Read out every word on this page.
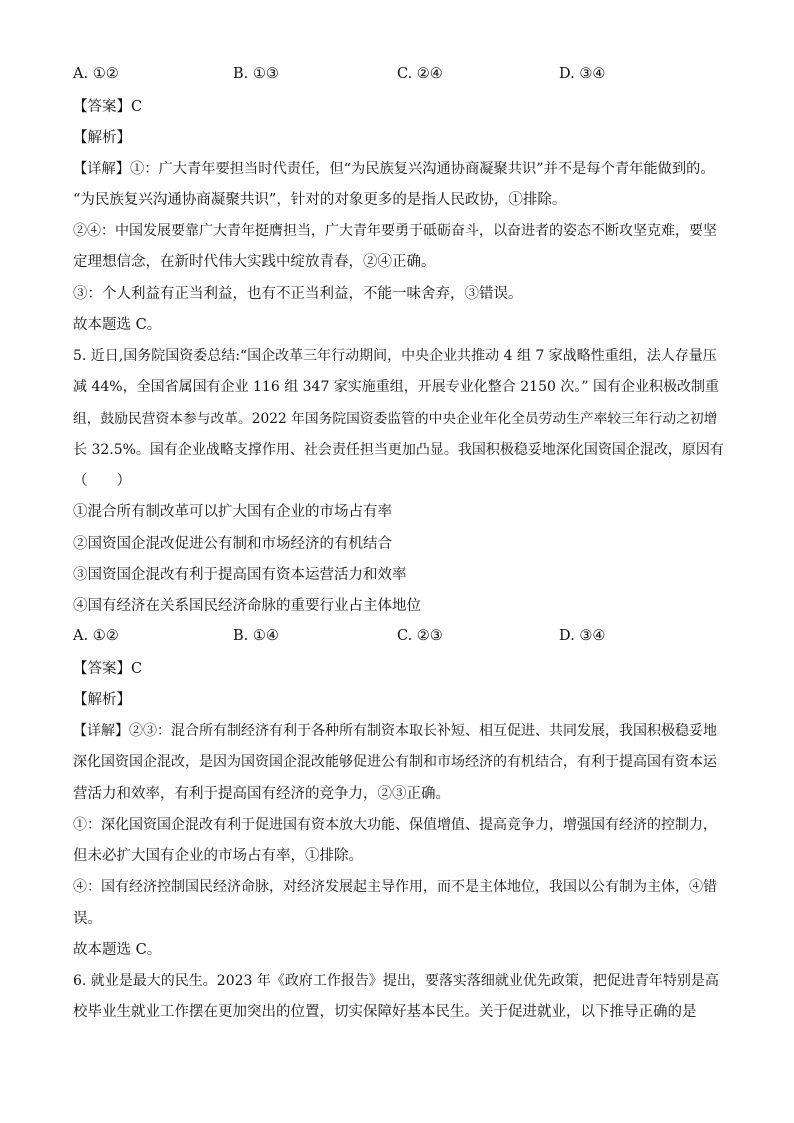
A. ①②	B. ①③	C. ②④	D. ③④
【答案】C
【解析】
【详解】①：广大青年要担当时代责任，但“为民族复兴沟通协商凝聚共识”并不是每个青年能做到的。
“为民族复兴沟通协商凝聚共识”，针对的对象更多的是指人民政协，①排除。
②④：中国发展要靠广大青年挺膺担当，广大青年要勇于砥砺奋斗，以奋进者的姿态不断攻坚克难，要坚
定理想信念，在新时代伟大实践中绽放青春，②④正确。
③：个人利益有正当利益，也有不正当利益，不能一味舍弃，③错误。
故本题选 C。
5. 近日,国务院国资委总结:“国企改革三年行动期间，中央企业共推动 4 组 7 家战略性重组，法人存量压
减 44%，全国省属国有企业 116 组 347 家实施重组，开展专业化整合 2150 次。” 国有企业积极改制重
组，鼓励民营资本参与改革。2022 年国务院国资委监管的中央企业年化全员劳动生产率较三年行动之初增
长 32.5%。国有企业战略支撑作用、社会责任担当更加凸显。我国积极稳妥地深化国资国企混改，原因有
（　　）
①混合所有制改革可以扩大国有企业的市场占有率
②国资国企混改促进公有制和市场经济的有机结合
③国资国企混改有利于提高国有资本运营活力和效率
④国有经济在关系国民经济命脉的重要行业占主体地位
A. ①②	B. ①④	C. ②③	D. ③④
【答案】C
【解析】
【详解】②③：混合所有制经济有利于各种所有制资本取长补短、相互促进、共同发展，我国积极稳妥地
深化国资国企混改，是因为国资国企混改能够促进公有制和市场经济的有机结合，有利于提高国有资本运
营活力和效率，有利于提高国有经济的竞争力，②③正确。
①：深化国资国企混改有利于促进国有资本放大功能、保值增值、提高竞争力，增强国有经济的控制力，
但未必扩大国有企业的市场占有率，①排除。
④：国有经济控制国民经济命脉，对经济发展起主导作用，而不是主体地位，我国以公有制为主体，④错
误。
故本题选 C。
6. 就业是最大的民生。2023 年《政府工作报告》提出，要落实落细就业优先政策，把促进青年特别是高
校毕业生就业工作摆在更加突出的位置，切实保障好基本民生。关于促进就业，以下推导正确的是
